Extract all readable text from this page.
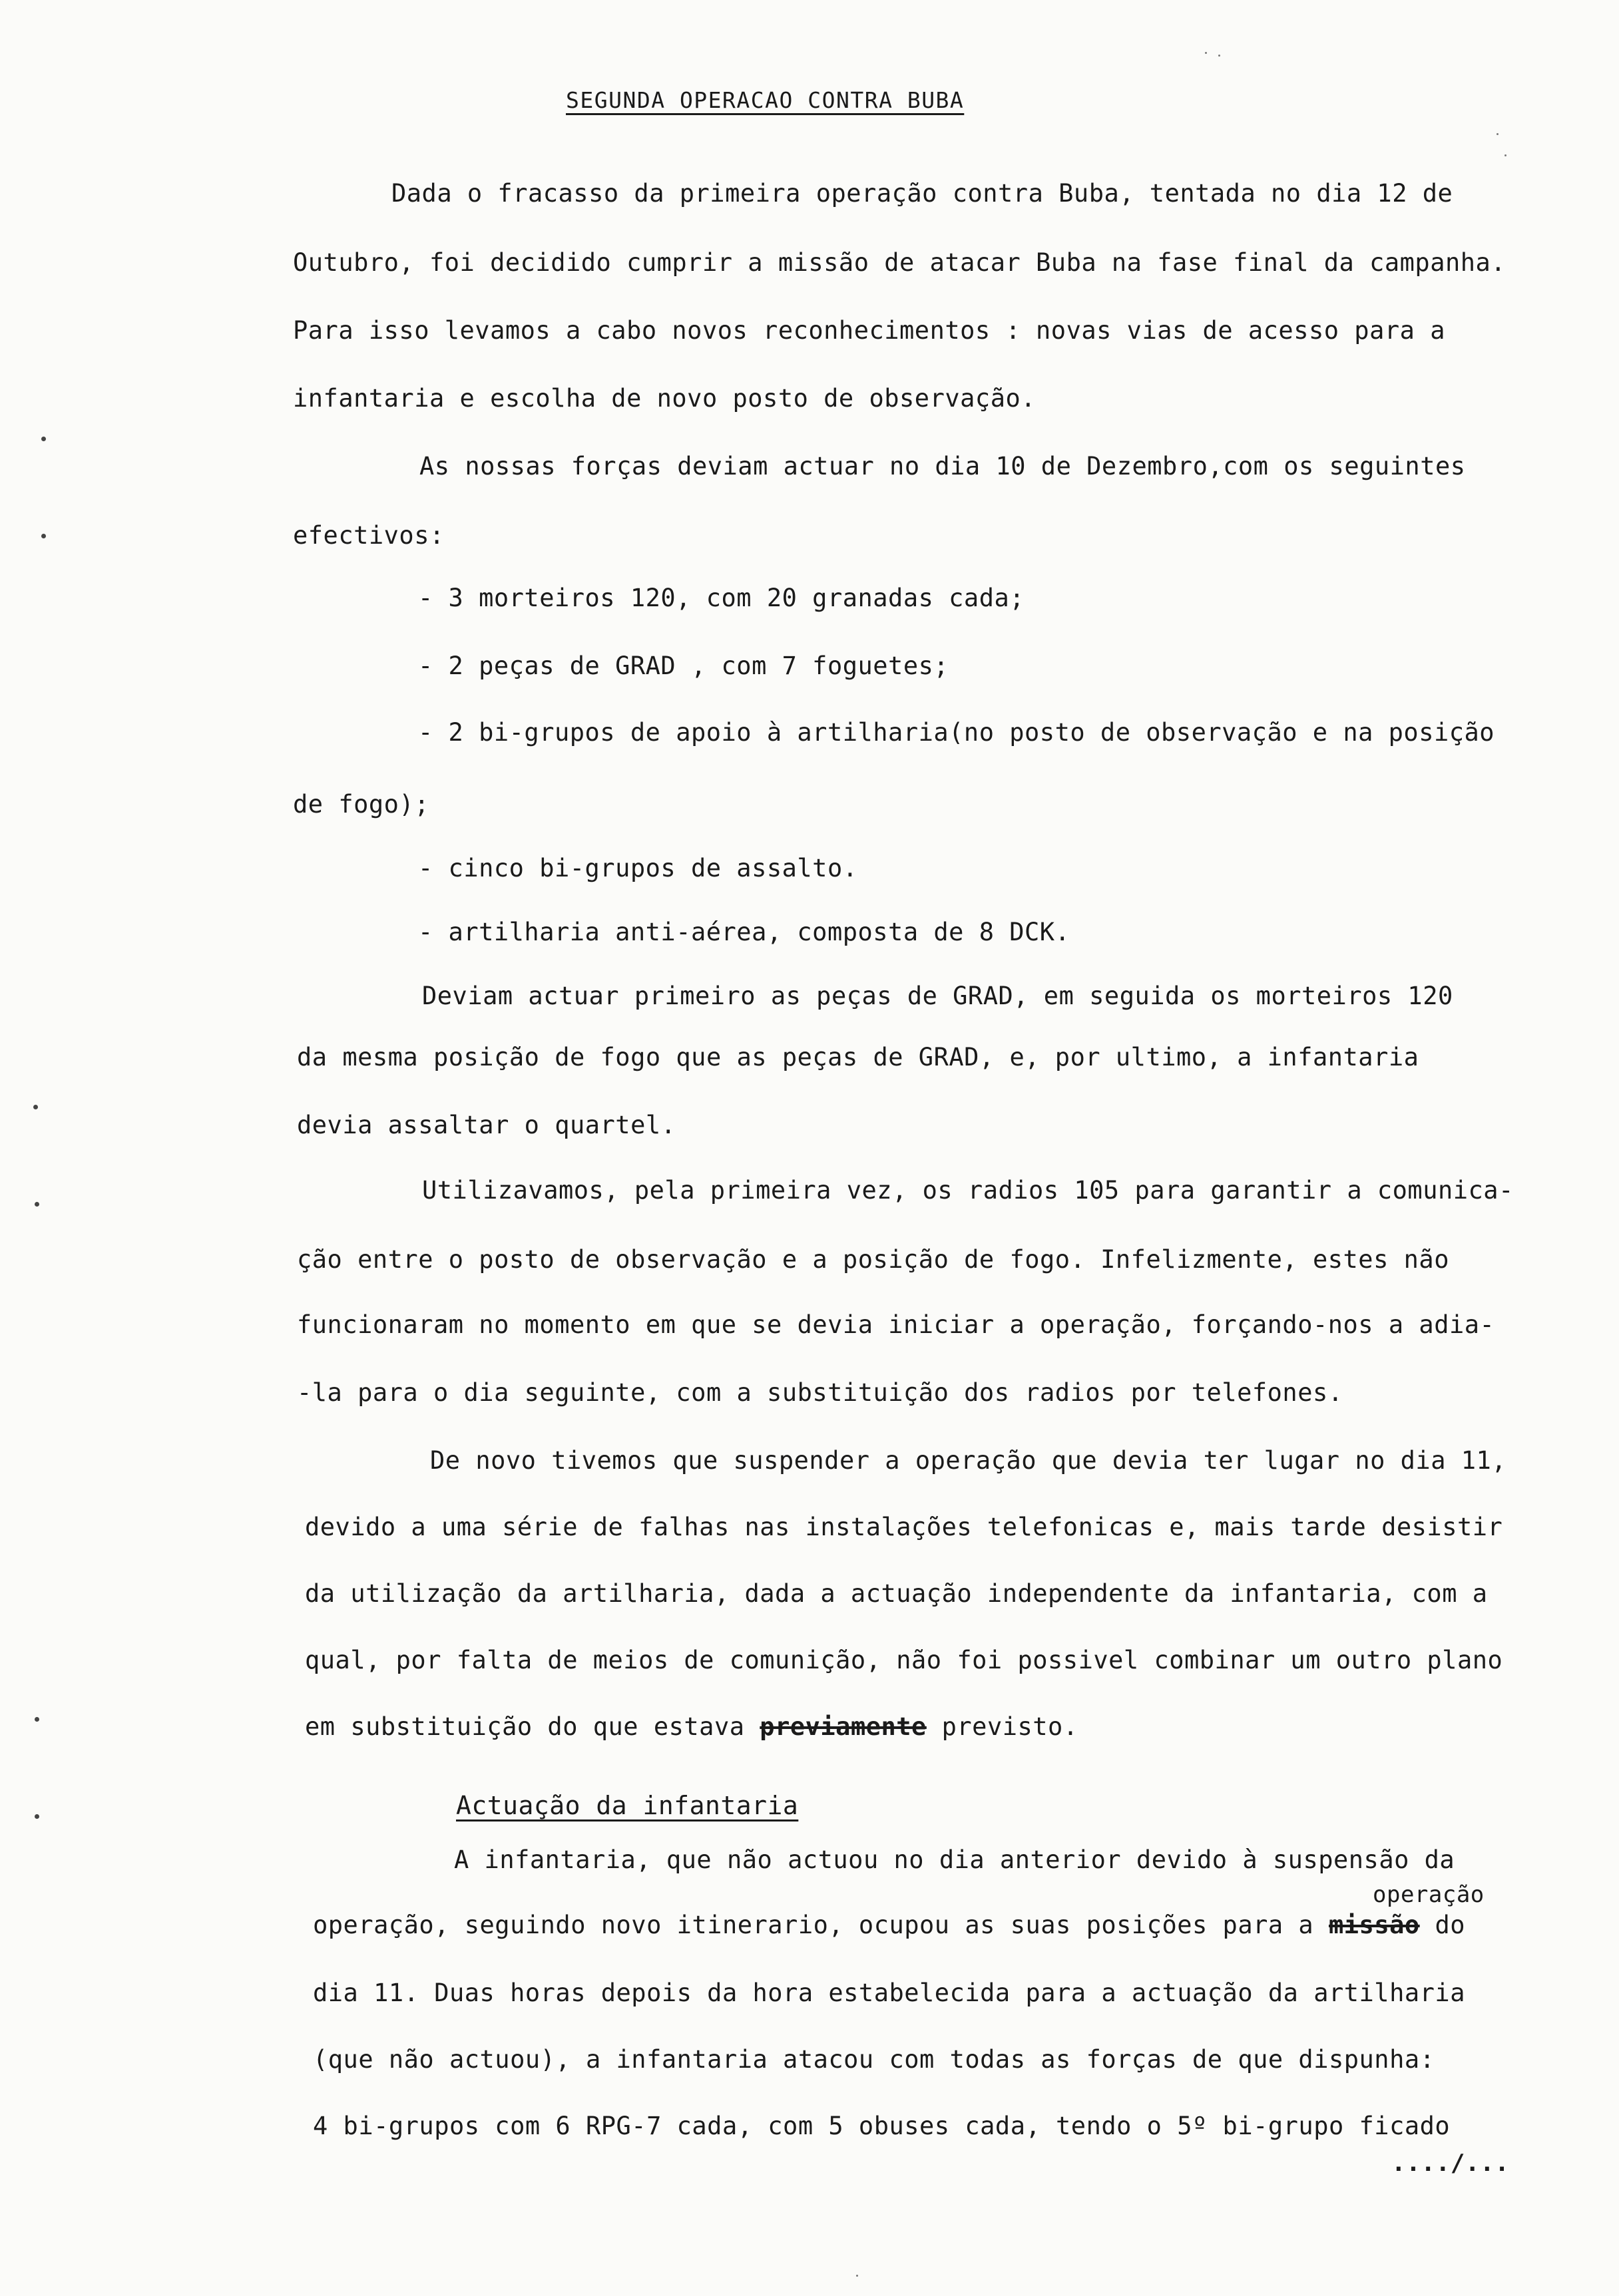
SEGUNDA OPERACAO CONTRA BUBA
Dada o fracasso da primeira operação contra Buba, tentada no dia 12 de
Outubro, foi decidido cumprir a missão de atacar Buba na fase final da campanha.
Para isso levamos a cabo novos reconhecimentos : novas vias de acesso para a
infantaria e escolha de novo posto de observação.
As nossas forças deviam actuar no dia 10 de Dezembro,com os seguintes
efectivos:
- 3 morteiros 120, com 20 granadas cada;
- 2 peças de GRAD , com 7 foguetes;
- 2 bi-grupos de apoio à artilharia(no posto de observação e na posição
de fogo);
- cinco bi-grupos de assalto.
- artilharia anti-aérea, composta de 8 DCK.
Deviam actuar primeiro as peças de GRAD, em seguida os morteiros 120
da mesma posição de fogo que as peças de GRAD, e, por ultimo, a infantaria
devia assaltar o quartel.
Utilizavamos, pela primeira vez, os radios 105 para garantir a comunica-
ção entre o posto de observação e a posição de fogo. Infelizmente, estes não
funcionaram no momento em que se devia iniciar a operação, forçando-nos a adia-
-la para o dia seguinte, com a substituição dos radios por telefones.
De novo tivemos que suspender a operação que devia ter lugar no dia 11,
devido a uma série de falhas nas instalações telefonicas e, mais tarde desistir
da utilização da artilharia, dada a actuação independente da infantaria, com a
qual, por falta de meios de comunição, não foi possivel combinar um outro plano
em substituição do que estava previamente previsto.
Actuação da infantaria
A infantaria, que não actuou no dia anterior devido à suspensão da
operação
operação, seguindo novo itinerario, ocupou as suas posições para a missão do
dia 11. Duas horas depois da hora estabelecida para a actuação da artilharia
(que não actuou), a infantaria atacou com todas as forças de que dispunha:
4 bi-grupos com 6 RPG-7 cada, com 5 obuses cada, tendo o 5º bi-grupo ficado
..../...
